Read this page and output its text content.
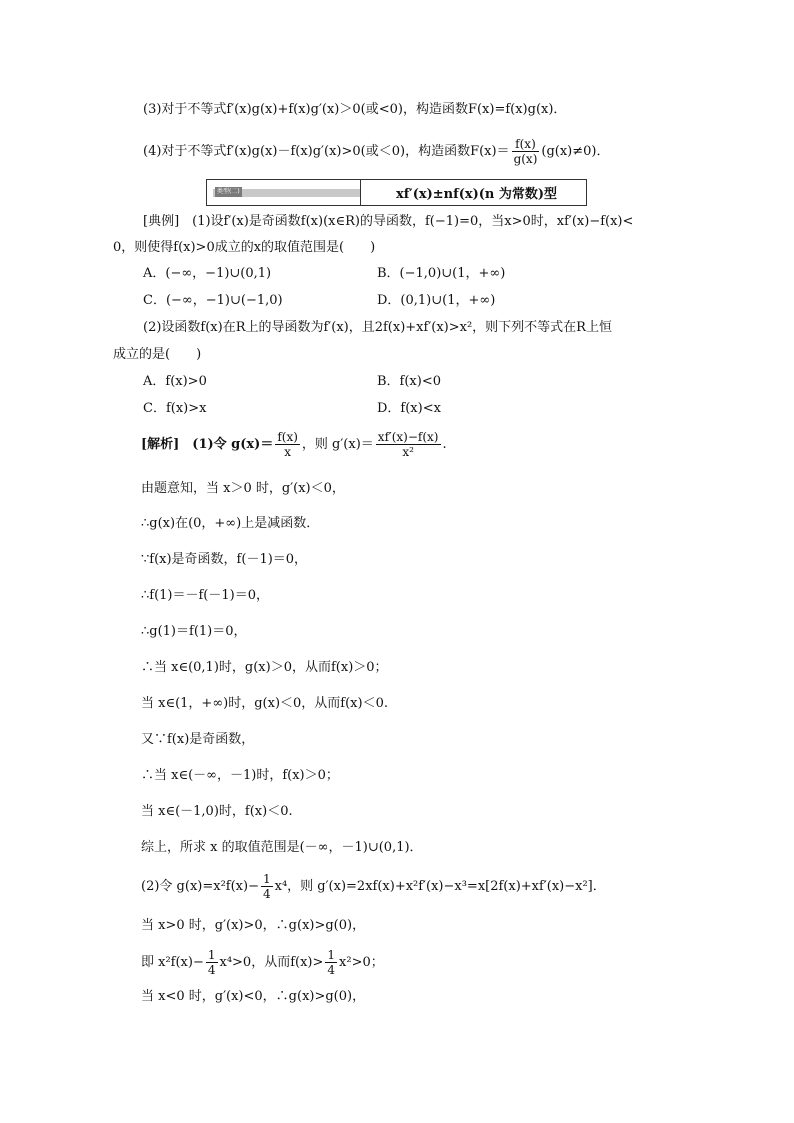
(3)对于不等式f′(x)g(x)+f(x)g′(x)＞0(或<0)，构造函数F(x)=f(x)g(x)．
(4)对于不等式f′(x)g(x)－f(x)g′(x)>0(或＜0)，构造函数$F(x)= \frac{f(x)}{g(x)} (g(x)\ne 0)$．
类型(二)	xf′(x)±nf(x)(n 为常数)型
[典例]　(1)设f′(x)是奇函数f(x)(x∈R)的导函数，f(−1)=0，当x>0时，xf′(x)−f(x)<
0，则使得f(x)>0成立的x的取值范围是(　　)
A．(−∞，−1)∪(0,1)	B．(−1,0)∪(1，+∞)
C．(−∞，−1)∪(−1,0)	D．(0,1)∪(1，+∞)
(2)设函数f(x)在R上的导函数为f′(x)，且2f(x)+xf′(x)>x²，则下列不等式在R上恒
成立的是(　　)
A．f(x)>0	B．f(x)<0
C．f(x)>x	D．f(x)<x
[解析]　(1)令 $g(x)= \frac{f(x)}{x}$ ，则 $g'(x)= \frac{xf'(x)-f(x)}{\text{x²}}$ .
由题意知，当 x＞0 时，g′(x)＜0，
∴g(x)在(0，+∞)上是减函数．
∵f(x)是奇函数，f(－1)＝0，
∴f(1)＝－f(－1)＝0，
∴g(1)＝f(1)＝0，
∴当 x∈(0,1)时，g(x)＞0，从而f(x)＞0；
当 x∈(1，+∞)时，g(x)＜0，从而f(x)＜0.
又∵f(x)是奇函数，
∴当 x∈(－∞，－1)时，f(x)＞0；
当 x∈(－1,0)时，f(x)＜0.
综上，所求 x 的取值范围是(－∞，－1)∪(0,1)．
(2)令 $g(x)=x^2f(x)- \frac{1}{4} x^4$，则 g′(x)=2xf(x)+x²f′(x)−x³=x[2f(x)+xf′(x)−x²]．
当 x>0 时，g′(x)>0，∴g(x)>g(0)，
即 $x^2f(x)- \frac{1}{4} x^4>0$，从而$f(x)> \frac{1}{4} x^2>0$；
当 x<0 时，g′(x)<0，∴g(x)>g(0)，
